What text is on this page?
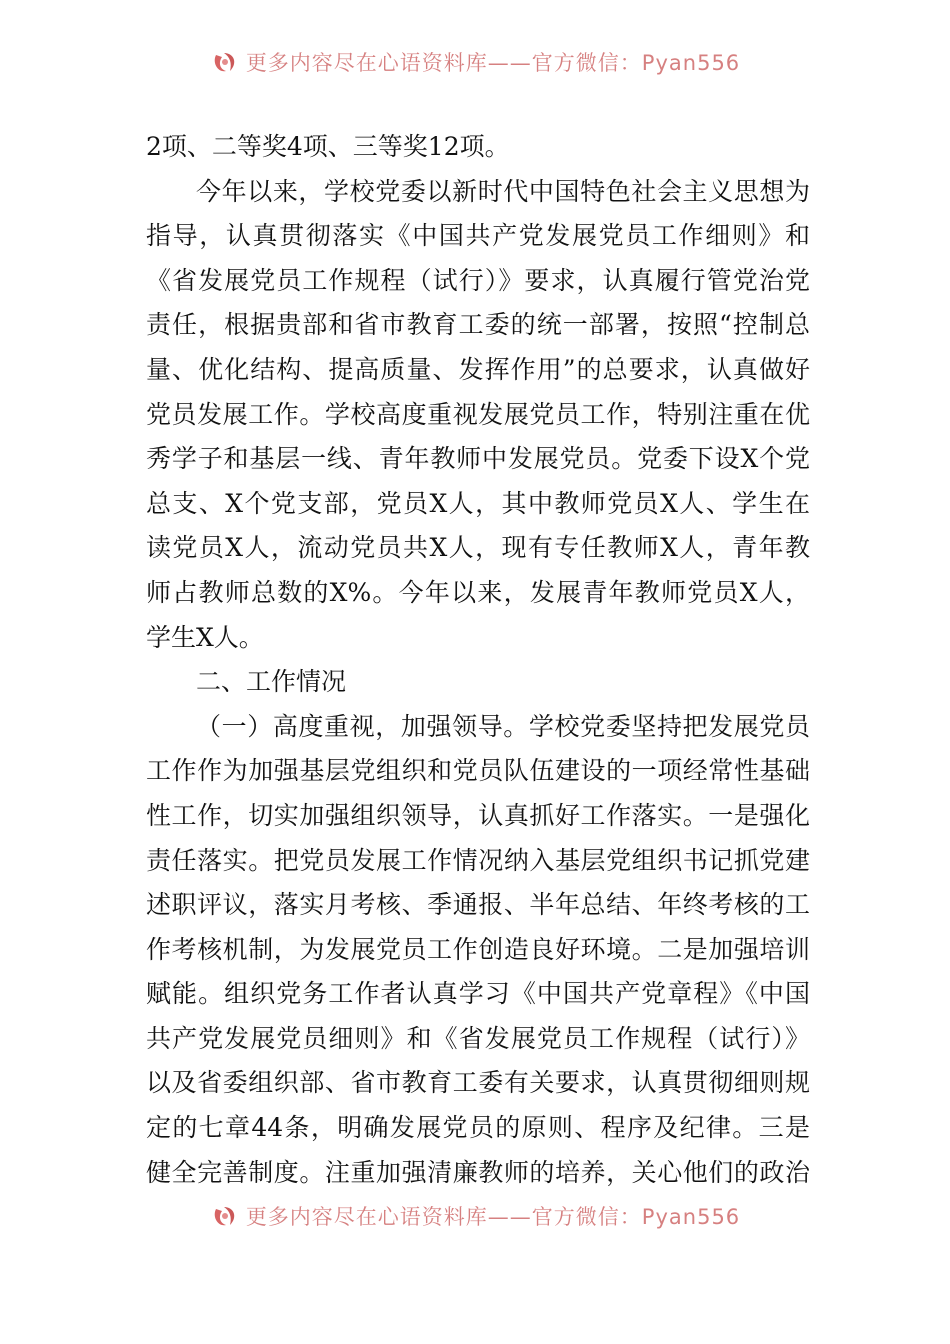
更多内容尽在心语资料库——官方微信：Pyan556
2项、二等奖4项、三等奖12项。
今年以来，学校党委以新时代中国特色社会主义思想为
指导，认真贯彻落实《中国共产党发展党员工作细则》和
《省发展党员工作规程（试行）》要求，认真履行管党治党
责任，根据贵部和省市教育工委的统一部署，按照“控制总
量、优化结构、提高质量、发挥作用”的总要求，认真做好
党员发展工作。学校高度重视发展党员工作，特别注重在优
秀学子和基层一线、青年教师中发展党员。党委下设X个党
总支、X个党支部，党员X人，其中教师党员X人、学生在
读党员X人，流动党员共X人，现有专任教师X人，青年教
师占教师总数的X%。今年以来，发展青年教师党员X人，
学生X人。
二、工作情况
（一）高度重视，加强领导。学校党委坚持把发展党员
工作作为加强基层党组织和党员队伍建设的一项经常性基础
性工作，切实加强组织领导，认真抓好工作落实。一是强化
责任落实。把党员发展工作情况纳入基层党组织书记抓党建
述职评议，落实月考核、季通报、半年总结、年终考核的工
作考核机制，为发展党员工作创造良好环境。二是加强培训
赋能。组织党务工作者认真学习《中国共产党章程》《中国
共产党发展党员细则》和《省发展党员工作规程（试行）》
以及省委组织部、省市教育工委有关要求，认真贯彻细则规
定的七章44条，明确发展党员的原则、程序及纪律。三是
健全完善制度。注重加强清廉教师的培养，关心他们的政治
更多内容尽在心语资料库——官方微信：Pyan556
